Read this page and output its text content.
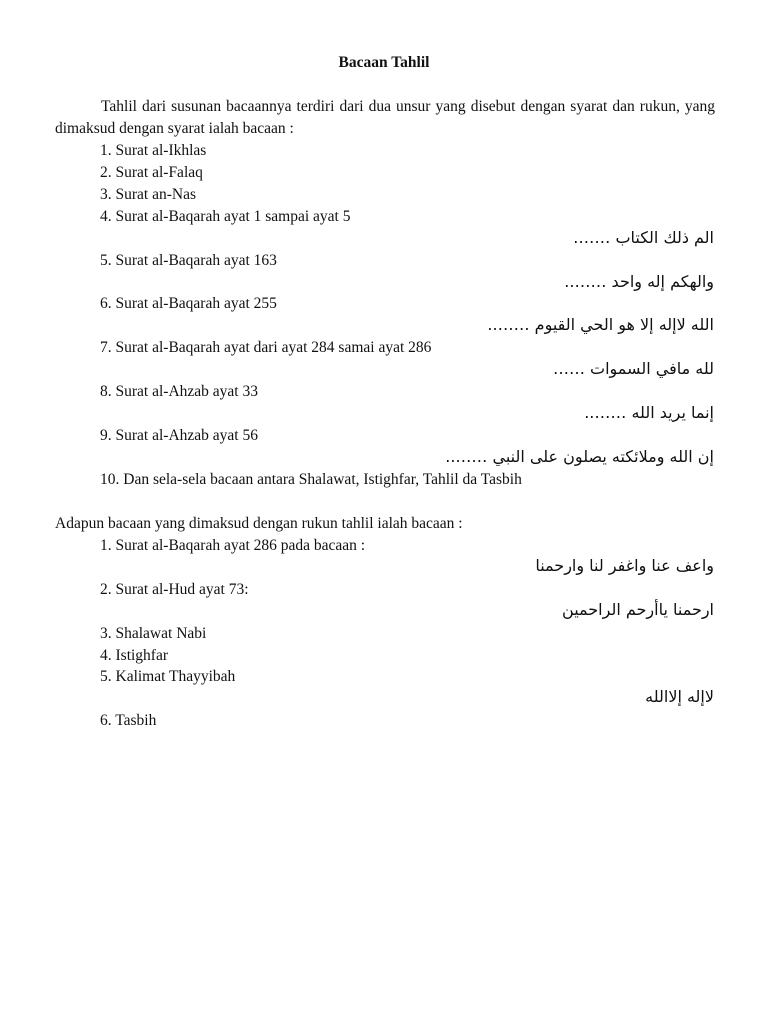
Bacaan Tahlil
Tahlil dari susunan bacaannya terdiri dari dua unsur yang disebut dengan syarat dan rukun, yang dimaksud dengan syarat ialah bacaan :
1. Surat al-Ikhlas
2. Surat al-Falaq
3. Surat an-Nas
4. Surat al-Baqarah ayat 1 sampai ayat 5
الم ذلك الكتاب …….
5. Surat al-Baqarah ayat 163
والهكم إله واحد ……..
6. Surat al-Baqarah ayat 255
الله لاإله إلا هو الحي القيوم ……..
7. Surat al-Baqarah ayat dari ayat 284 samai ayat 286
لله مافي السموات ……
8. Surat al-Ahzab ayat 33
إنما يريد الله ……..
9. Surat al-Ahzab ayat 56
إن الله وملائكته يصلون على النبي ……..
10. Dan sela-sela bacaan antara Shalawat, Istighfar, Tahlil da Tasbih
Adapun bacaan yang dimaksud dengan rukun tahlil ialah bacaan :
1. Surat al-Baqarah ayat 286 pada bacaan :
واعف عنا واغفر لنا وارحمنا
2. Surat al-Hud ayat 73:
ارحمنا ياأرحم الراحمين
3. Shalawat Nabi
4. Istighfar
5. Kalimat Thayyibah
لاإله إلاالله
6. Tasbih
